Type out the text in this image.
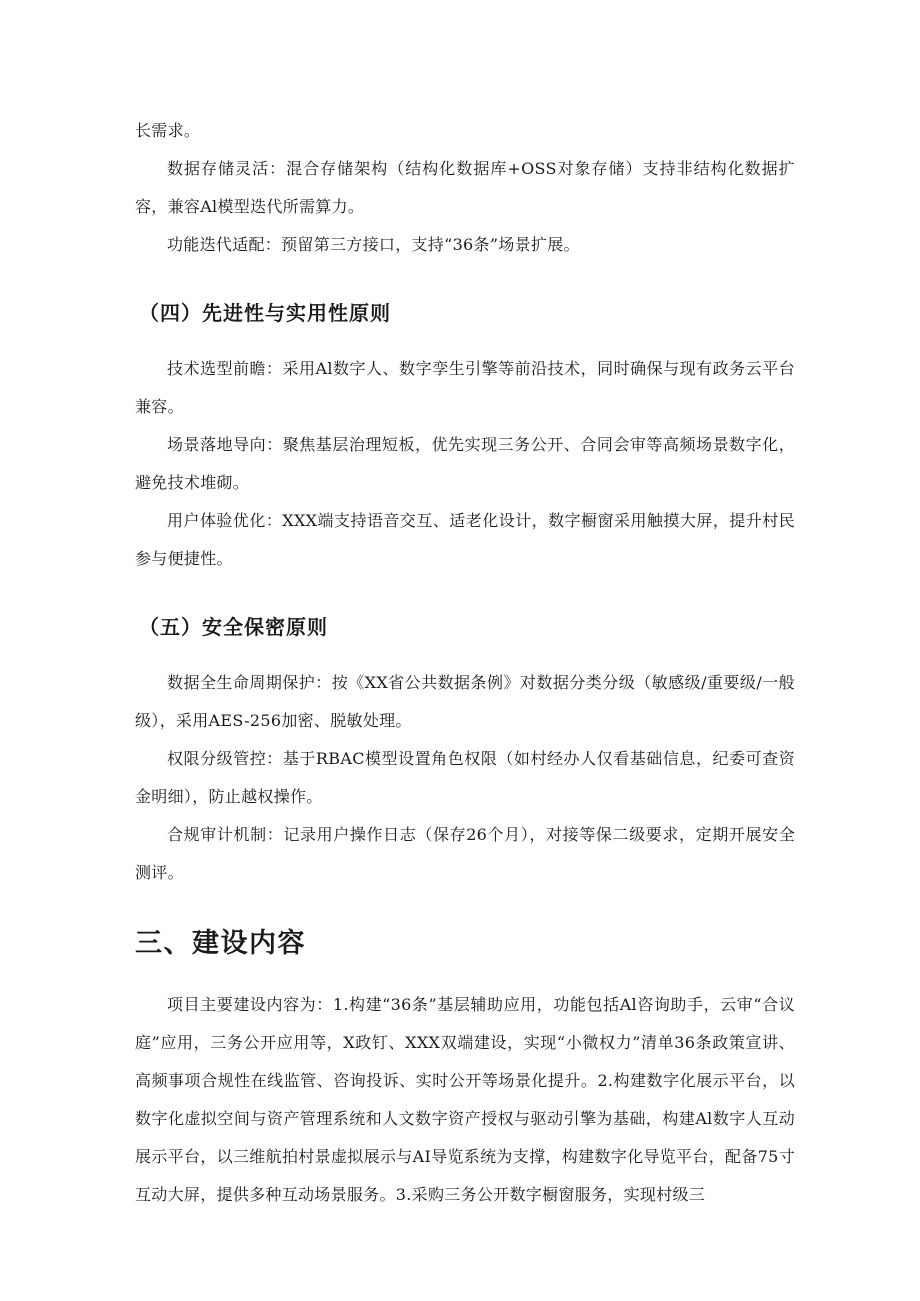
长需求。

数据存储灵活：混合存储架构（结构化数据库+OSS对象存储）支持非结构化数据扩容，兼容Al模型迭代所需算力。

功能迭代适配：预留第三方接口，支持“36条”场景扩展。

（四）先进性与实用性原则

技术选型前瞻：采用Al数字人、数字孪生引擎等前沿技术，同时确保与现有政务云平台兼容。

场景落地导向：聚焦基层治理短板，优先实现三务公开、合同会审等高频场景数字化，避免技术堆砌。

用户体验优化：XXX端支持语音交互、适老化设计，数字橱窗采用触摸大屏，提升村民参与便捷性。

（五）安全保密原则

数据全生命周期保护：按《XX省公共数据条例》对数据分类分级（敏感级/重要级/一般级），采用AES-256加密、脱敏处理。

权限分级管控：基于RBAC模型设置角色权限（如村经办人仅看基础信息，纪委可查资金明细），防止越权操作。

合规审计机制：记录用户操作日志（保存26个月），对接等保二级要求，定期开展安全测评。

三、建设内容

项目主要建设内容为：1.构建“36条”基层辅助应用，功能包括Al咨询助手，云审“合议庭”应用，三务公开应用等，X政钉、XXX双端建设，实现“小微权力”清单36条政策宣讲、高频事项合规性在线监管、咨询投诉、实时公开等场景化提升。2.构建数字化展示平台，以数字化虚拟空间与资产管理系统和人文数字资产授权与驱动引擎为基础，构建Al数字人互动展示平台，以三维航拍村景虚拟展示与AI导览系统为支撑，构建数字化导览平台，配备75寸互动大屏，提供多种互动场景服务。3.采购三务公开数字橱窗服务，实现村级三
